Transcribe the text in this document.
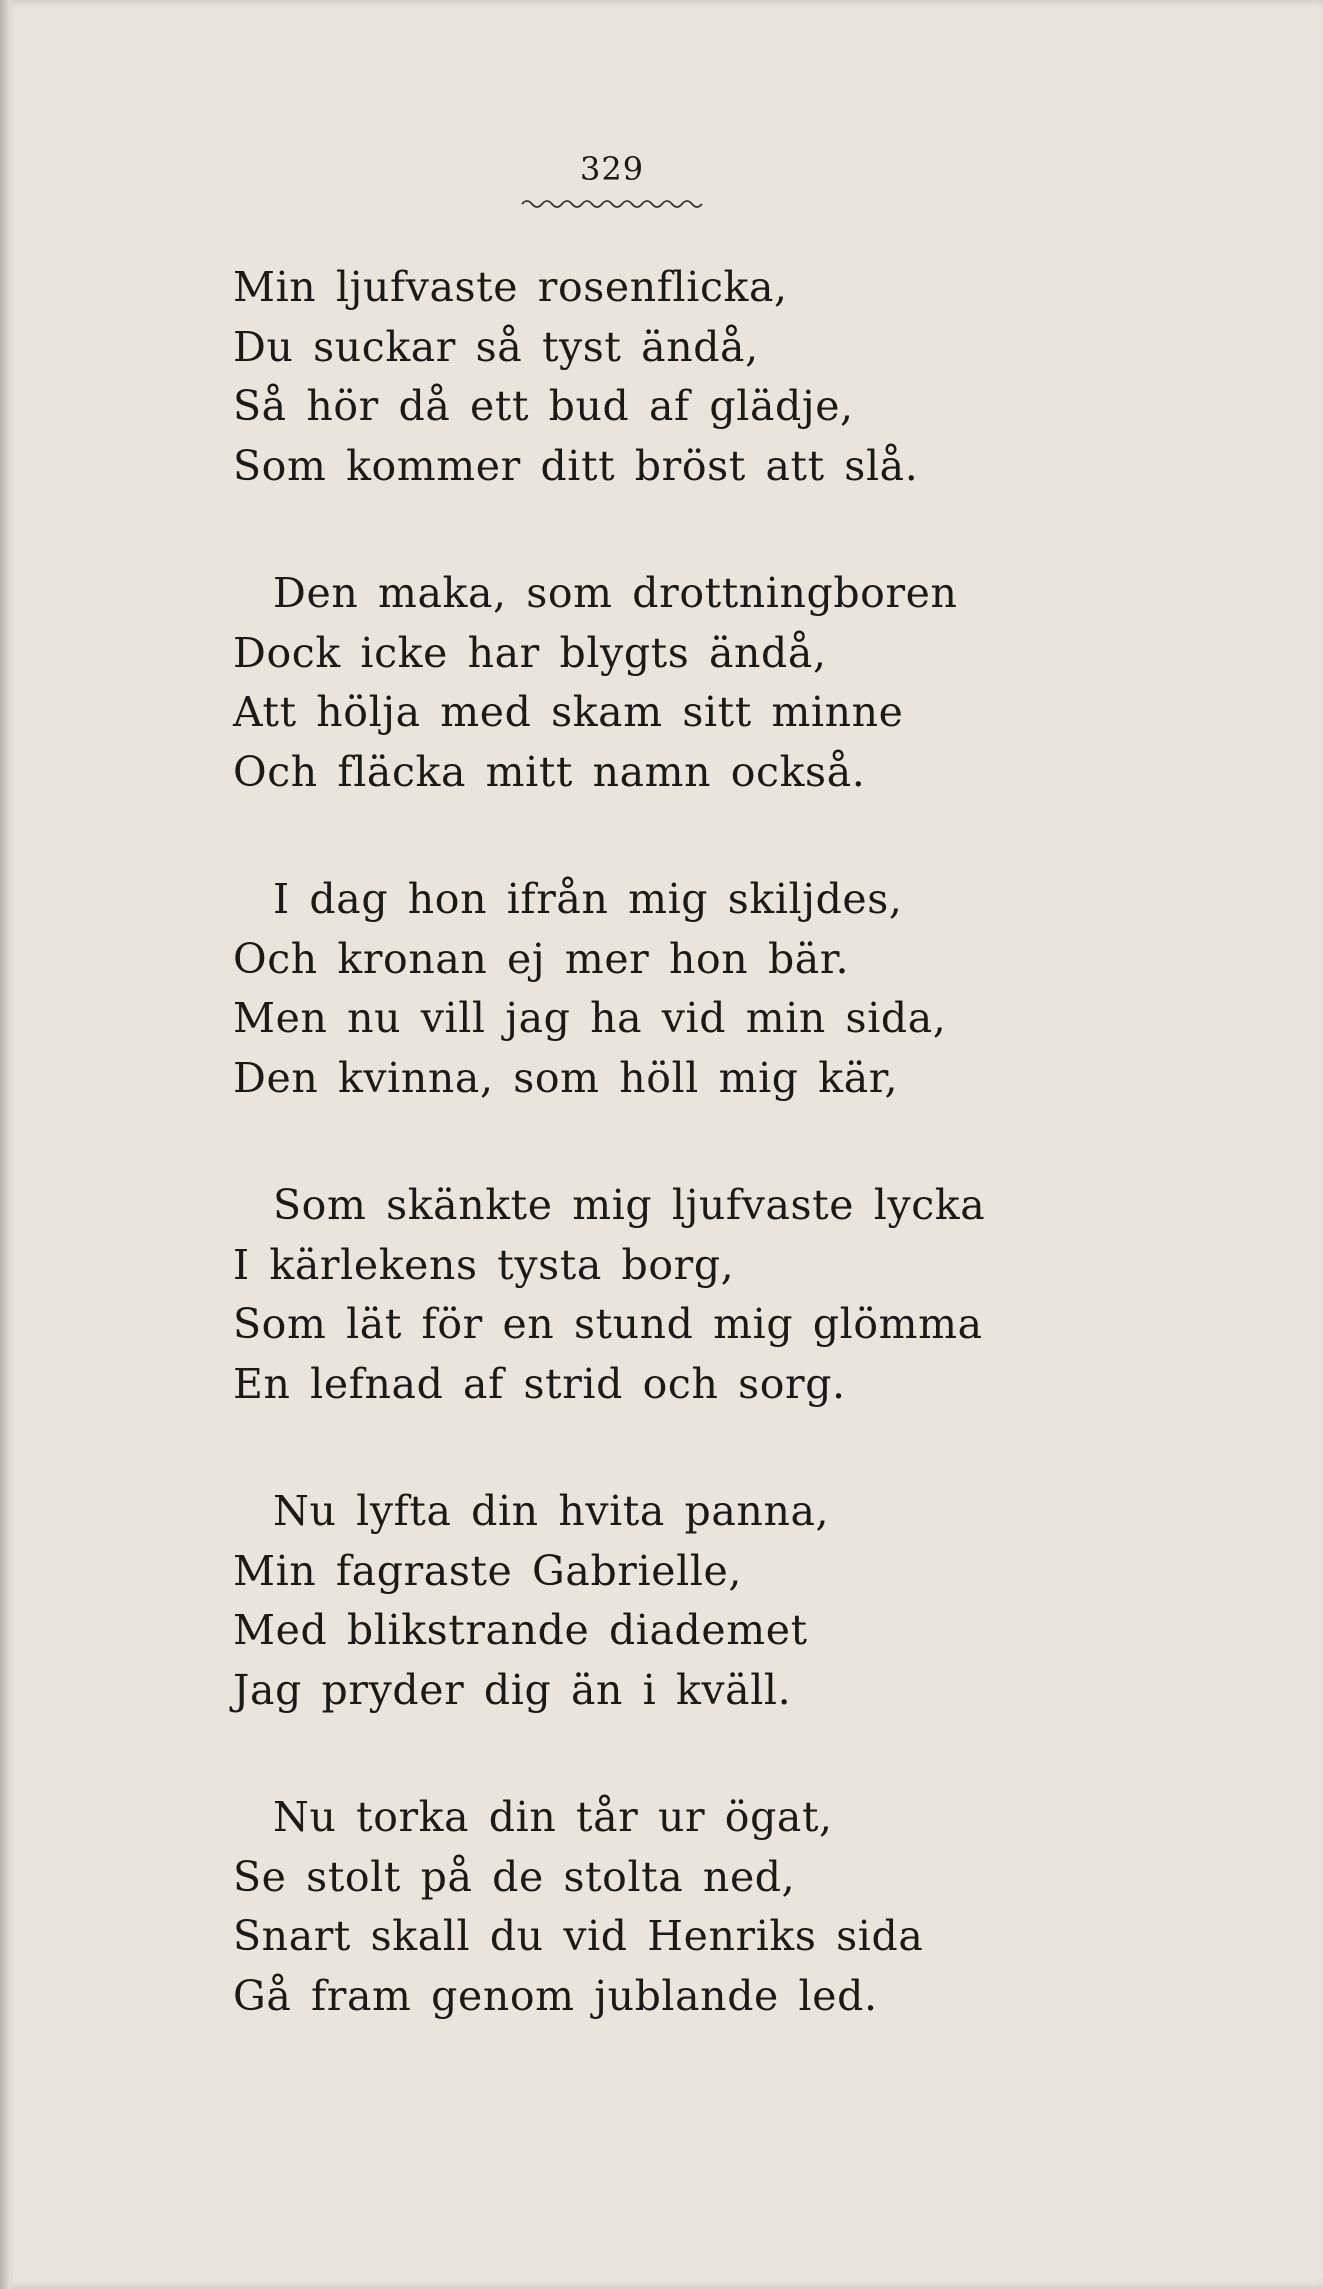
329
Min ljufvaste rosenflicka,
Du suckar så tyst ändå,
Så hör då ett bud af glädje,
Som kommer ditt bröst att slå.
Den maka, som drottningboren
Dock icke har blygts ändå,
Att hölja med skam sitt minne
Och fläcka mitt namn också.
I dag hon ifrån mig skiljdes,
Och kronan ej mer hon bär.
Men nu vill jag ha vid min sida,
Den kvinna, som höll mig kär,
Som skänkte mig ljufvaste lycka
I kärlekens tysta borg,
Som lät för en stund mig glömma
En lefnad af strid och sorg.
Nu lyfta din hvita panna,
Min fagraste Gabrielle,
Med blikstrande diademet
Jag pryder dig än i kväll.
Nu torka din tår ur ögat,
Se stolt på de stolta ned,
Snart skall du vid Henriks sida
Gå fram genom jublande led.
